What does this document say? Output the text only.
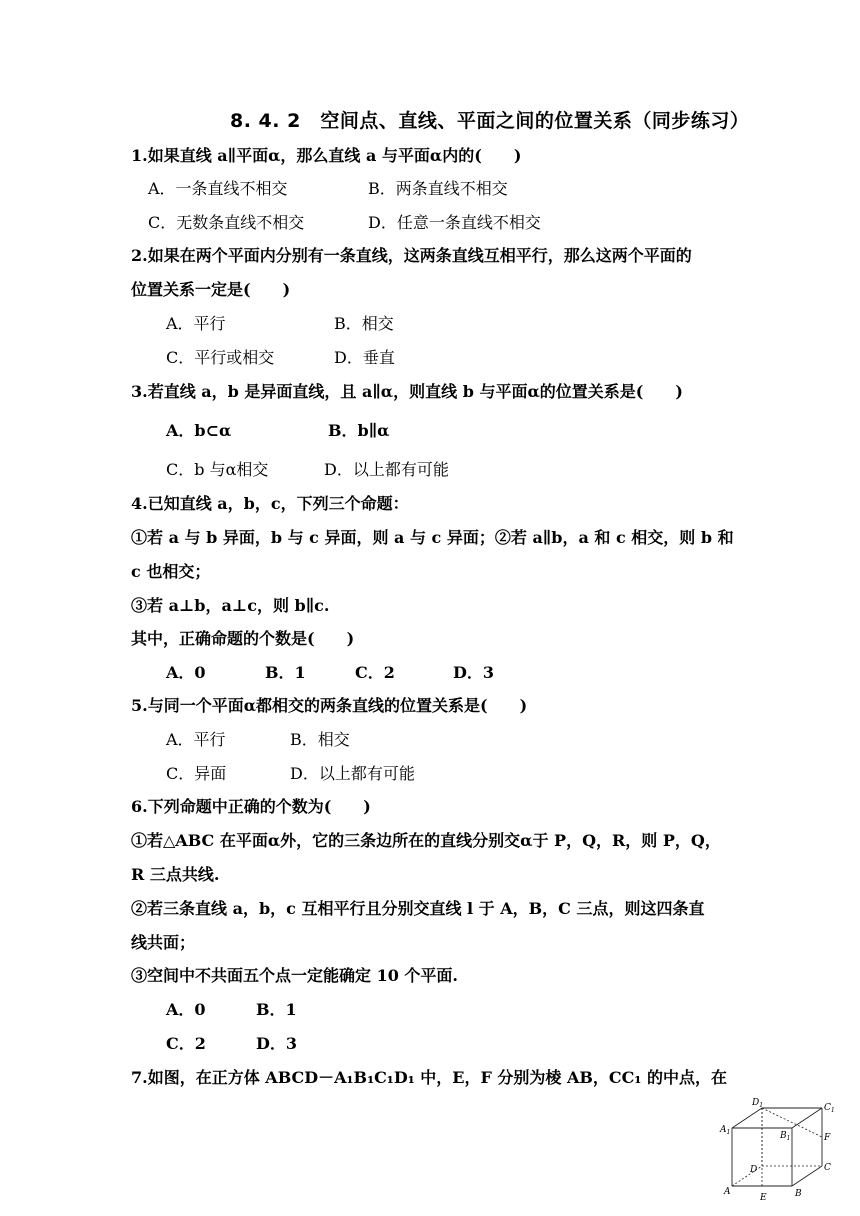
8. 4. 2　空间点、直线、平面之间的位置关系（同步练习）
1.如果直线 a∥平面α，那么直线 a 与平面α内的(　　)
A．一条直线不相交	B．两条直线不相交
C．无数条直线不相交	D．任意一条直线不相交
2.如果在两个平面内分别有一条直线，这两条直线互相平行，那么这两个平面的
位置关系一定是(　　)
A．平行	B．相交
C．平行或相交	D．垂直
3.若直线 a，b 是异面直线，且 a∥α，则直线 b 与平面α的位置关系是(　　)
A．b⊂α	B．b∥α
C．b 与α相交	D．以上都有可能
4.已知直线 a，b，c，下列三个命题：
①若 a 与 b 异面，b 与 c 异面，则 a 与 c 异面；②若 a∥b，a 和 c 相交，则 b 和
c 也相交；
③若 a⊥b，a⊥c，则 b∥c.
其中，正确命题的个数是(　　)
A．0	B．1	C．2	D．3
5.与同一个平面α都相交的两条直线的位置关系是(　　)
A．平行	B．相交
C．异面	D．以上都有可能
6.下列命题中正确的个数为(　　)
①若△ABC 在平面α外，它的三条边所在的直线分别交α于 P，Q，R，则 P，Q，
R 三点共线.
②若三条直线 a，b，c 互相平行且分别交直线 l 于 A，B，C 三点，则这四条直
线共面；
③空间中不共面五个点一定能确定 10 个平面.
A．0	B．1
C．2	D．3
7.如图，在正方体 ABCD－A₁B₁C₁D₁ 中，E，F 分别为棱 AB，CC₁ 的中点，在
$D_1$	$C_1$
$A_1$	$B_1$	F
D	C
A
E	B
